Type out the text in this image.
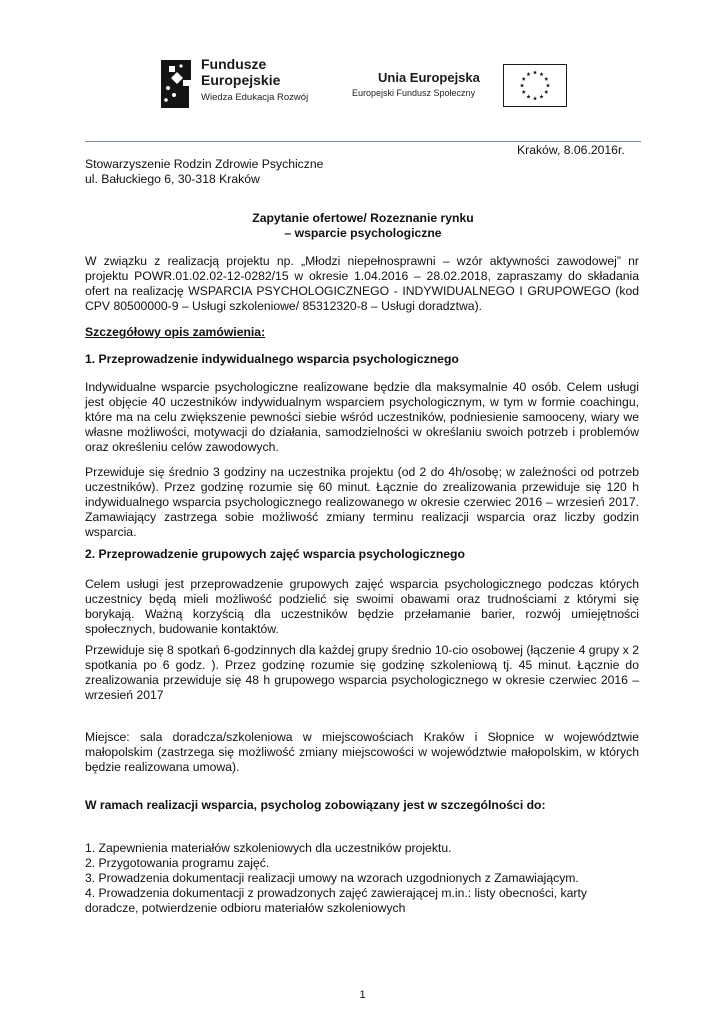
Fundusze
Europejskie
Wiedza Edukacja Rozwój
Unia Europejska
Europejski Fundusz Społeczny
Kraków, 8.06.2016r.
Stowarzyszenie Rodzin Zdrowie Psychiczne
ul. Bałuckiego 6, 30-318 Kraków
Zapytanie ofertowe/ Rozeznanie rynku
– wsparcie psychologiczne
W związku z realizacją projektu np. „Młodzi niepełnosprawni – wzór aktywności zawodowej” nr projektu POWR.01.02.02-12-0282/15 w okresie 1.04.2016 – 28.02.2018, zapraszamy do składania ofert na realizację WSPARCIA PSYCHOLOGICZNEGO - INDYWIDUALNEGO I GRUPOWEGO (kod CPV 80500000-9 – Usługi szkoleniowe/ 85312320-8 – Usługi doradztwa).
Szczegółowy opis zamówienia:
1. Przeprowadzenie indywidualnego wsparcia psychologicznego
Indywidualne wsparcie psychologiczne realizowane będzie dla maksymalnie 40 osób. Celem usługi jest objęcie 40 uczestników indywidualnym wsparciem psychologicznym, w tym w formie coachingu, które ma na celu zwiększenie pewności siebie wśród uczestników, podniesienie samooceny, wiary we własne możliwości, motywacji do działania, samodzielności w określaniu swoich potrzeb i problemów oraz określeniu celów zawodowych.
Przewiduje się średnio 3 godziny na uczestnika projektu (od 2 do 4h/osobę; w zależności od potrzeb uczestników). Przez godzinę rozumie się 60 minut. Łącznie do zrealizowania przewiduje się 120 h indywidualnego wsparcia psychologicznego realizowanego w okresie czerwiec 2016 – wrzesień 2017. Zamawiający zastrzega sobie możliwość zmiany terminu realizacji wsparcia oraz liczby godzin wsparcia.
2. Przeprowadzenie grupowych zajęć wsparcia psychologicznego
Celem usługi jest przeprowadzenie grupowych zajęć wsparcia psychologicznego podczas których uczestnicy będą mieli możliwość podzielić się swoimi obawami oraz trudnościami z którymi się borykają. Ważną korzyścią dla uczestników będzie przełamanie barier, rozwój umiejętności społecznych, budowanie kontaktów.
Przewiduje się 8 spotkań 6-godzinnych dla każdej grupy średnio 10-cio osobowej (łączenie 4 grupy x 2 spotkania po 6 godz. ). Przez godzinę rozumie się godzinę szkoleniową tj. 45 minut. Łącznie do zrealizowania przewiduje się 48 h grupowego wsparcia psychologicznego w okresie czerwiec 2016 – wrzesień 2017
Miejsce: sala doradcza/szkoleniowa w miejscowościach Kraków i Słopnice w województwie małopolskim (zastrzega się możliwość zmiany miejscowości w województwie małopolskim, w których będzie realizowana umowa).
W ramach realizacji wsparcia, psycholog zobowiązany jest w szczególności do:
1. Zapewnienia materiałów szkoleniowych dla uczestników projektu.
2. Przygotowania programu zajęć.
3. Prowadzenia dokumentacji realizacji umowy na wzorach uzgodnionych z Zamawiającym.
4. Prowadzenia dokumentacji z prowadzonych zajęć zawierającej m.in.: listy obecności, karty doradcze, potwierdzenie odbioru materiałów szkoleniowych
1
